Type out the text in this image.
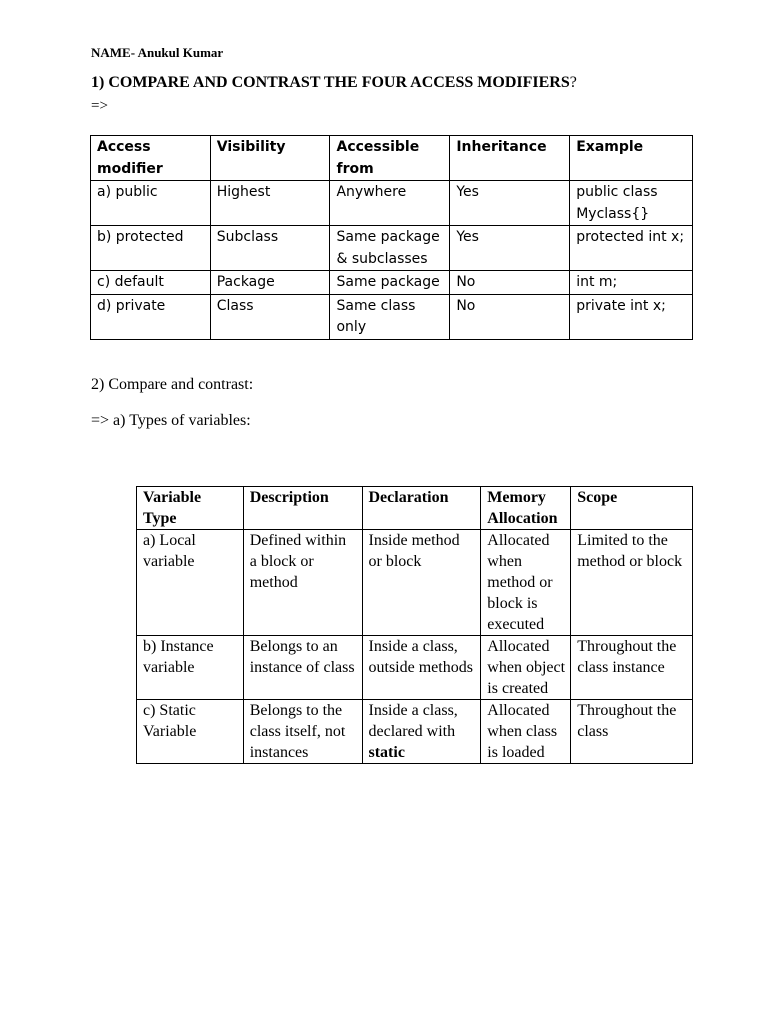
NAME- Anukul Kumar
1) COMPARE AND CONTRAST THE FOUR ACCESS MODIFIERS?
=>
Access modifier	Visibility	Accessible from	Inheritance	Example
a) public	Highest	Anywhere	Yes	public class Myclass{}
b) protected	Subclass	Same package & subclasses	Yes	protected int x;
c) default	Package	Same package	No	int m;
d) private	Class	Same class only	No	private int x;
2) Compare and contrast:
=> a) Types of variables:
Variable Type	Description	Declaration	Memory Allocation	Scope
a) Local variable	Defined within a block or method	Inside method or block	Allocated when method or block is executed	Limited to the method or block
b) Instance variable	Belongs to an instance of class	Inside a class, outside methods	Allocated when object is created	Throughout the class instance
c) Static Variable	Belongs to the class itself, not instances	Inside a class, declared with static	Allocated when class is loaded	Throughout the class
